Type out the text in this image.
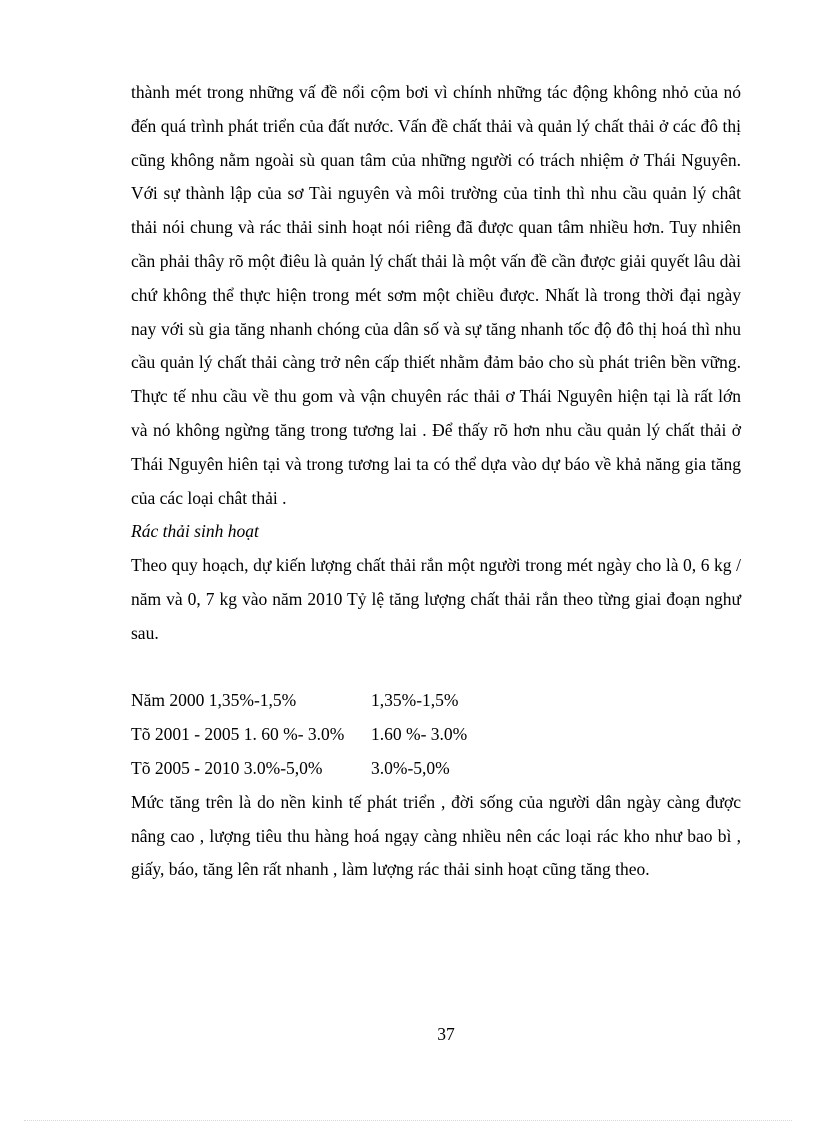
thành mét trong những vấ đề nổi cộm bơi vì chính những tác động không nhỏ của nó đến quá trình phát triển của đất nước. Vấn đề chất thải và quản lý chất thải ở các đô thị cũng không nằm ngoài sù quan tâm của những người có trách nhiệm ở Thái Nguyên. Với sự thành lập của sơ Tài nguyên và môi trường của tỉnh thì nhu cầu quản lý chât thải nói chung và rác thải sinh hoạt nói riêng đã được quan tâm nhiều hơn. Tuy nhiên cần phải thây rõ một điêu là quản lý chất thải là một vấn đề cần được giải quyết lâu dài chứ không thể thực hiện trong mét sơm một chiều được. Nhất là trong thời đại ngày nay với sù gia tăng nhanh chóng của dân số và sự tăng nhanh tốc độ đô thị hoá thì nhu cầu quản lý chất thải càng trở nên cấp thiết nhằm đảm bảo cho sù phát triên bền vững. Thực tế nhu cầu về thu gom và vận chuyên rác thải ơ Thái Nguyên hiện tại là rất lớn và nó không ngừng tăng trong tương lai . Để thấy rõ hơn nhu cầu quản lý chất thải ở Thái Nguyên hiên tại và trong tương lai ta có thể dựa vào dự báo về khả năng gia tăng của các loại chât thải .

Rác thải sinh hoạt

Theo quy hoạch, dự kiến lượng chất thải rắn một người trong mét ngày cho là 0, 6 kg / năm và 0, 7 kg vào năm 2010 Tỷ lệ tăng lượng chất thải rắn theo từng giai đoạn nghư sau.

Năm 2000 1,35%-1,5%	1,35%-1,5%
Tõ 2001 - 2005 1. 60 %- 3.0%	1.60 %- 3.0%
Tõ 2005 - 2010 3.0%-5,0%	3.0%-5,0%

Mức tăng trên là do nền kinh tế phát triển , đời sống của người dân ngày càng được nâng cao , lượng tiêu thu hàng hoá ngạy càng nhiều nên các loại rác kho như bao bì , giấy, báo, tăng lên rất nhanh , làm lượng rác thải sinh hoạt cũng tăng theo.

37
